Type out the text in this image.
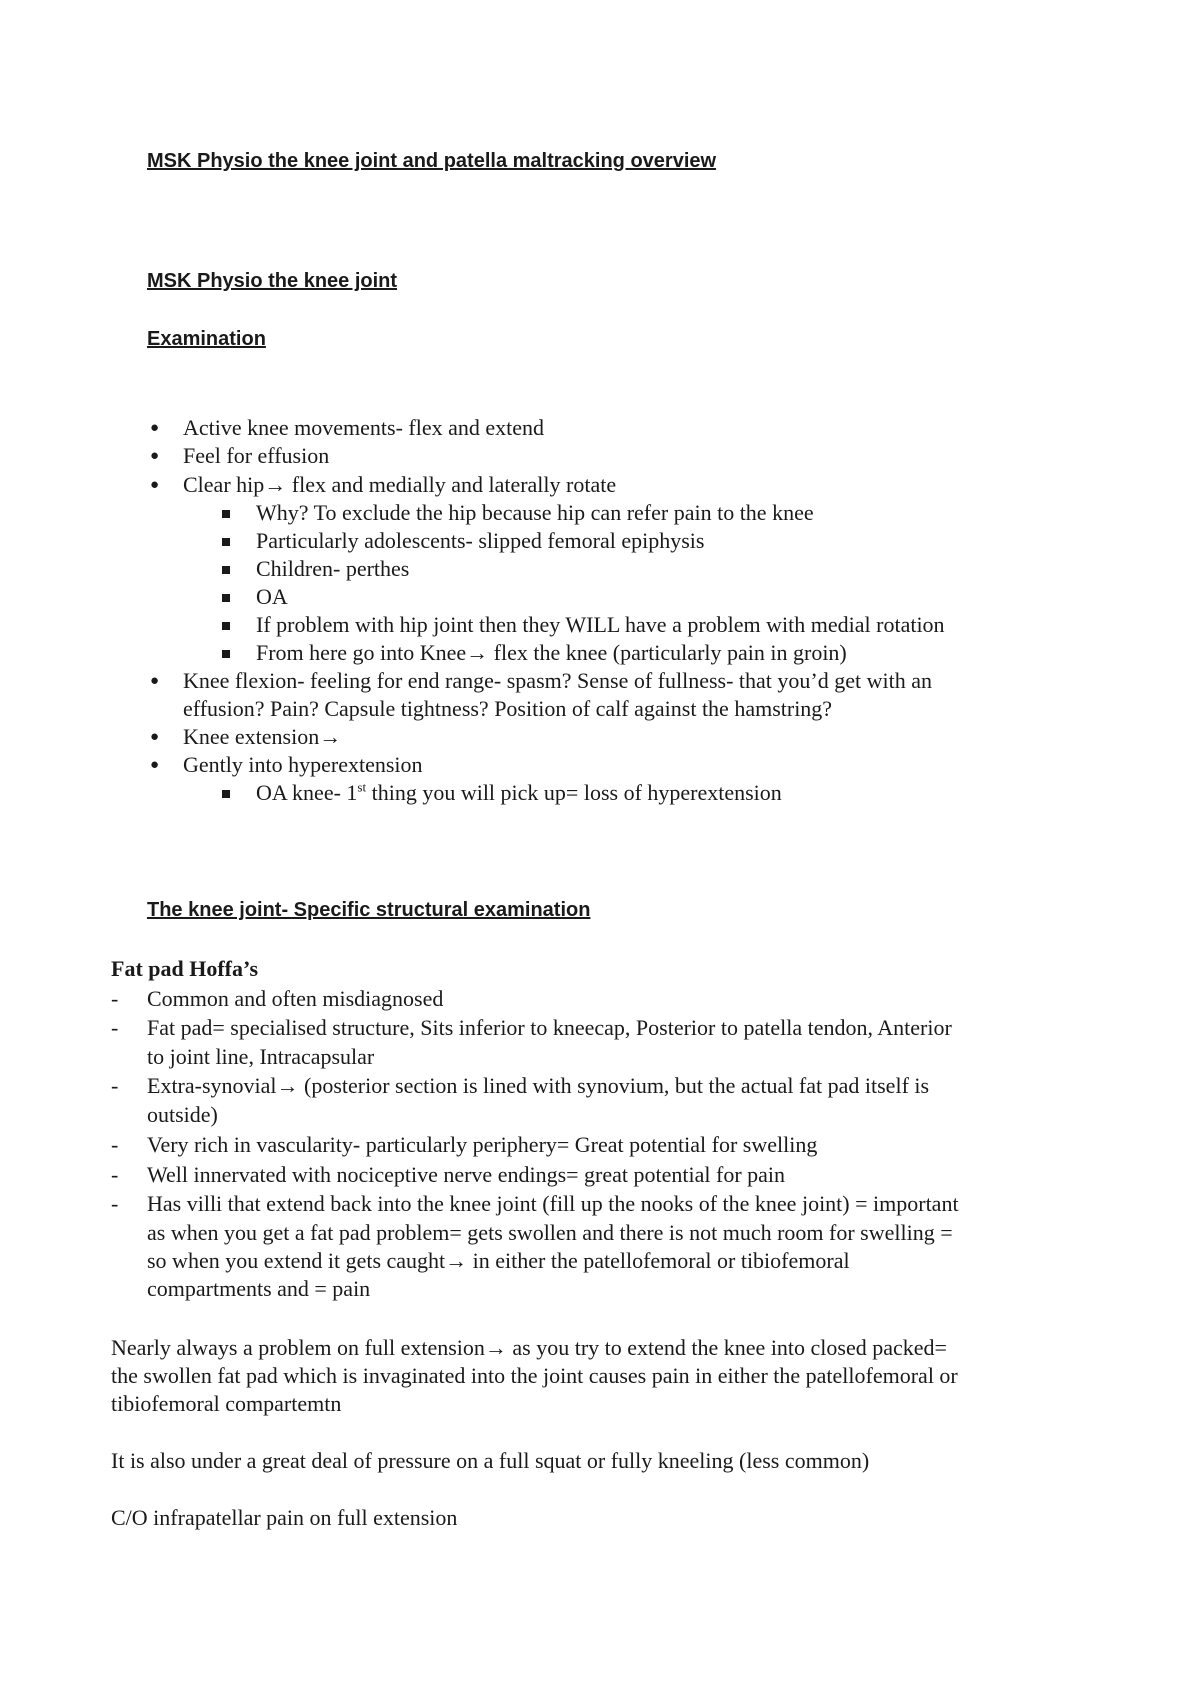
MSK Physio the knee joint and patella maltracking overview
MSK Physio the knee joint
Examination
● Active knee movements- flex and extend
● Feel for effusion
● Clear hip→ flex and medially and laterally rotate
Why? To exclude the hip because hip can refer pain to the knee
Particularly adolescents- slipped femoral epiphysis
Children- perthes
OA
If problem with hip joint then they WILL have a problem with medial rotation
From here go into Knee→ flex the knee (particularly pain in groin)
● Knee flexion- feeling for end range- spasm? Sense of fullness- that you’d get with an
effusion? Pain? Capsule tightness? Position of calf against the hamstring?
● Knee extension→
● Gently into hyperextension
OA knee- 1st thing you will pick up= loss of hyperextension
The knee joint- Specific structural examination
Fat pad Hoffa’s
- Common and often misdiagnosed
- Fat pad= specialised structure, Sits inferior to kneecap, Posterior to patella tendon, Anterior
to joint line, Intracapsular
- Extra-synovial→ (posterior section is lined with synovium, but the actual fat pad itself is
outside)
- Very rich in vascularity- particularly periphery= Great potential for swelling
- Well innervated with nociceptive nerve endings= great potential for pain
- Has villi that extend back into the knee joint (fill up the nooks of the knee joint) = important
as when you get a fat pad problem= gets swollen and there is not much room for swelling =
so when you extend it gets caught→ in either the patellofemoral or tibiofemoral
compartments and = pain
Nearly always a problem on full extension→ as you try to extend the knee into closed packed=
the swollen fat pad which is invaginated into the joint causes pain in either the patellofemoral or
tibiofemoral compartemtn
It is also under a great deal of pressure on a full squat or fully kneeling (less common)
C/O infrapatellar pain on full extension
